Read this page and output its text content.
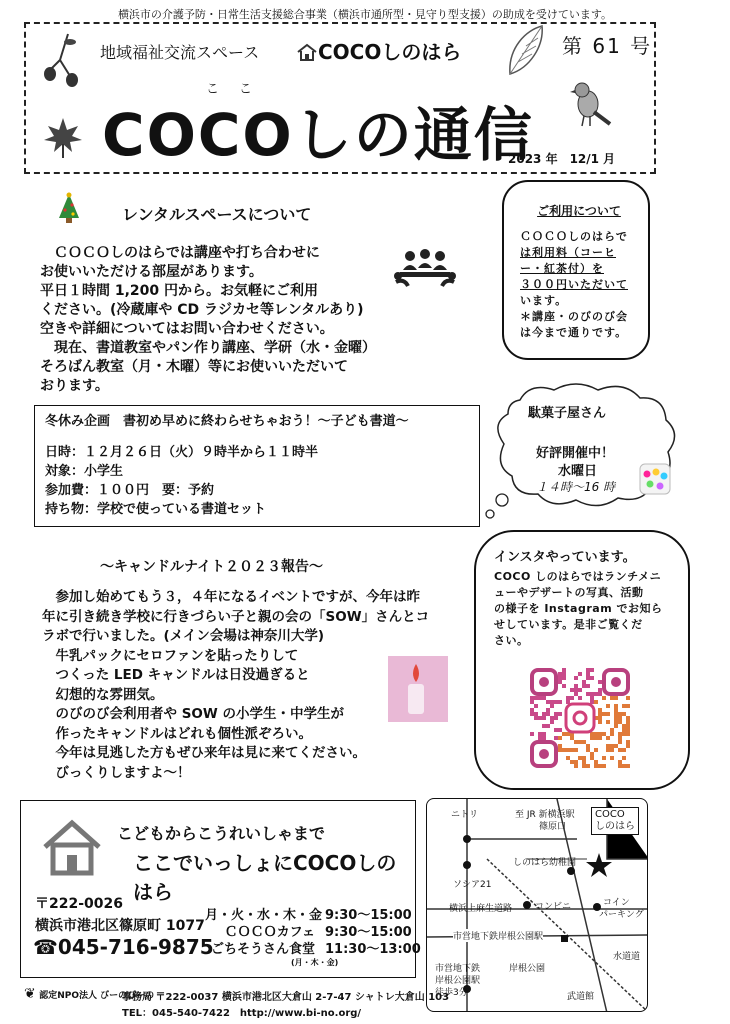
横浜市の介護予防・日常生活支援総合事業（横浜市通所型・見守り型支援）の助成を受けています。
地域福祉交流スペース	COCOしのはら	第 61 号
ここ
COCOしの通信
2023 年　12/1 月
レンタルスペースについて

　ＣＯＣＯしのはらでは講座や打ち合わせに

お使いいただける部屋があります。

平日１時間 1,200 円から。お気軽にご利用

ください。(冷蔵庫や CD ラジカセ等レンタルあり)

空きや詳細についてはお問い合わせください。

　現在、書道教室やパン作り講座、学研（水・金曜）

そろばん教室（月・木曜）等にお使いいただいて

おります。

ご利用について
ＣＯＣＯしのはらで
は利用料（コーヒ
ー・紅茶付）を
３００円いただいて
います。
＊講座・のびのび会
は今まで通りです。
冬休み企画　書初め早めに終わらせちゃおう！～子ども書道～
日時：１２月２６日（火）９時半から１１時半
対象：小学生
参加費：１００円　要：予約
持ち物：学校で使っている書道セット
駄菓子屋さん
好評開催中！
水曜日
１４時～16 時
～キャンドルナイト２０２３報告～

　参加し始めてもう３，４年になるイベントですが、今年は昨

年に引き続き学校に行きづらい子と親の会の「SOW」さんとコ

ラボで行いました。(メイン会場は神奈川大学)

　牛乳パックにセロファンを貼ったりして

　つくった LED キャンドルは日没過ぎると

　幻想的な雰囲気。

　のびのび会利用者や SOW の小学生・中学生が

　作ったキャンドルはどれも個性派ぞろい。

　今年は見逃した方もぜひ来年は見に来てください。

　びっくりしますよ～！

インスタやっています。
COCO しのはらではランチメニ
ューやデザートの写真、活動
の様子を Instagram でお知ら
せしています。是非ご覧くだ
さい。
こどもからこうれいしゃまで
ここでいっしょにCOCOしのはら
〒222-0026
横浜市港北区篠原町 1077
☎045-716-9875
月・火・水・木・金 9:30～15:00
ＣＯＣＯカフェ 9:30～15:00
ごちそうさん食堂 11:30～13:00
(月・木・金)
ニトリ	至 JR 新横浜駅
篠原口
COCO
しのはら
しのはら幼稚園
ソシア21
横浜上麻生道路	コンビニ	コイン
パーキング
市営地下鉄岸根公園駅
水道道
岸根公園
市営地下鉄
岸根公園駅
徒歩3分	武道館
❦ 認定NPO法人 びーのびーの
事務局 〒222-0037 横浜市港北区大倉山 2-7-47 シャトレ大倉山 103
TEL：045-540-7422　http://www.bi-no.org/
